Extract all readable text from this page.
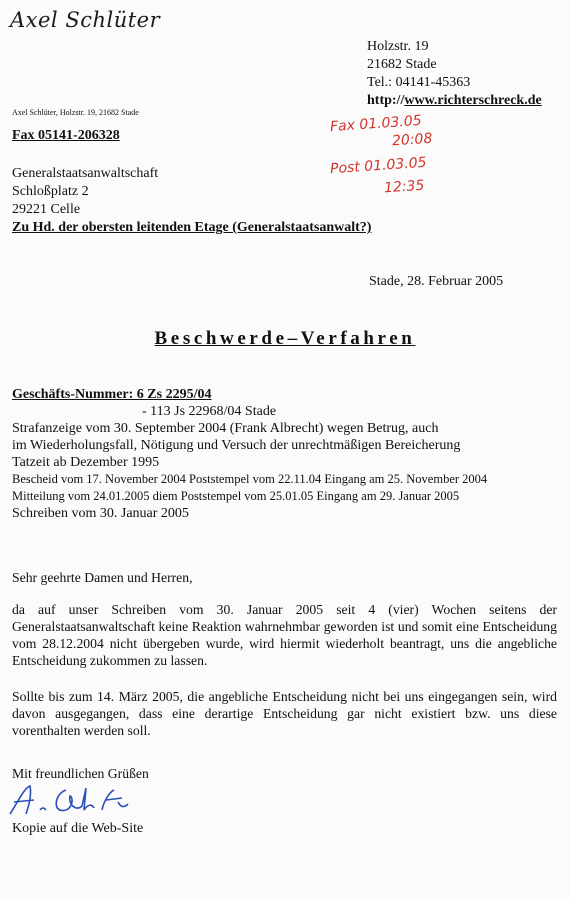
Axel Schlüter
Holzstr. 19
21682 Stade
Tel.: 04141-45363
http://www.richterschreck.de
Axel Schlüter, Holzstr. 19, 21682 Stade
Fax 05141-206328
Fax 01.03.05
20:08
Post 01.03.05
12:35
Generalstaatsanwaltschaft
Schloßplatz 2
29221 Celle
Zu Hd. der obersten leitenden Etage (Generalstaatsanwalt?)
Stade, 28. Februar 2005
Beschwerde–Verfahren
Geschäfts-Nummer: 6 Zs 2295/04
- 113 Js 22968/04 Stade
Strafanzeige vom 30. September 2004 (Frank Albrecht) wegen Betrug, auch
im Wiederholungsfall, Nötigung und Versuch der unrechtmäßigen Bereicherung
Tatzeit ab Dezember 1995
Bescheid vom 17. November 2004 Poststempel vom 22.11.04 Eingang am 25. November 2004
Mitteilung vom 24.01.2005 diem Poststempel vom 25.01.05 Eingang am 29. Januar 2005
Schreiben vom 30. Januar 2005
Sehr geehrte Damen und Herren,
da auf unser Schreiben vom 30. Januar 2005 seit 4 (vier) Wochen seitens der Generalstaatsanwaltschaft keine Reaktion wahrnehmbar geworden ist und somit eine Entscheidung vom 28.12.2004 nicht übergeben wurde, wird hiermit wiederholt beantragt, uns die angebliche Entscheidung zukommen zu lassen.
Sollte bis zum 14. März 2005, die angebliche Entscheidung nicht bei uns eingegangen sein, wird davon ausgegangen, dass eine derartige Entscheidung gar nicht existiert bzw. uns diese vorenthalten werden soll.
Mit freundlichen Grüßen
Kopie auf die Web-Site
